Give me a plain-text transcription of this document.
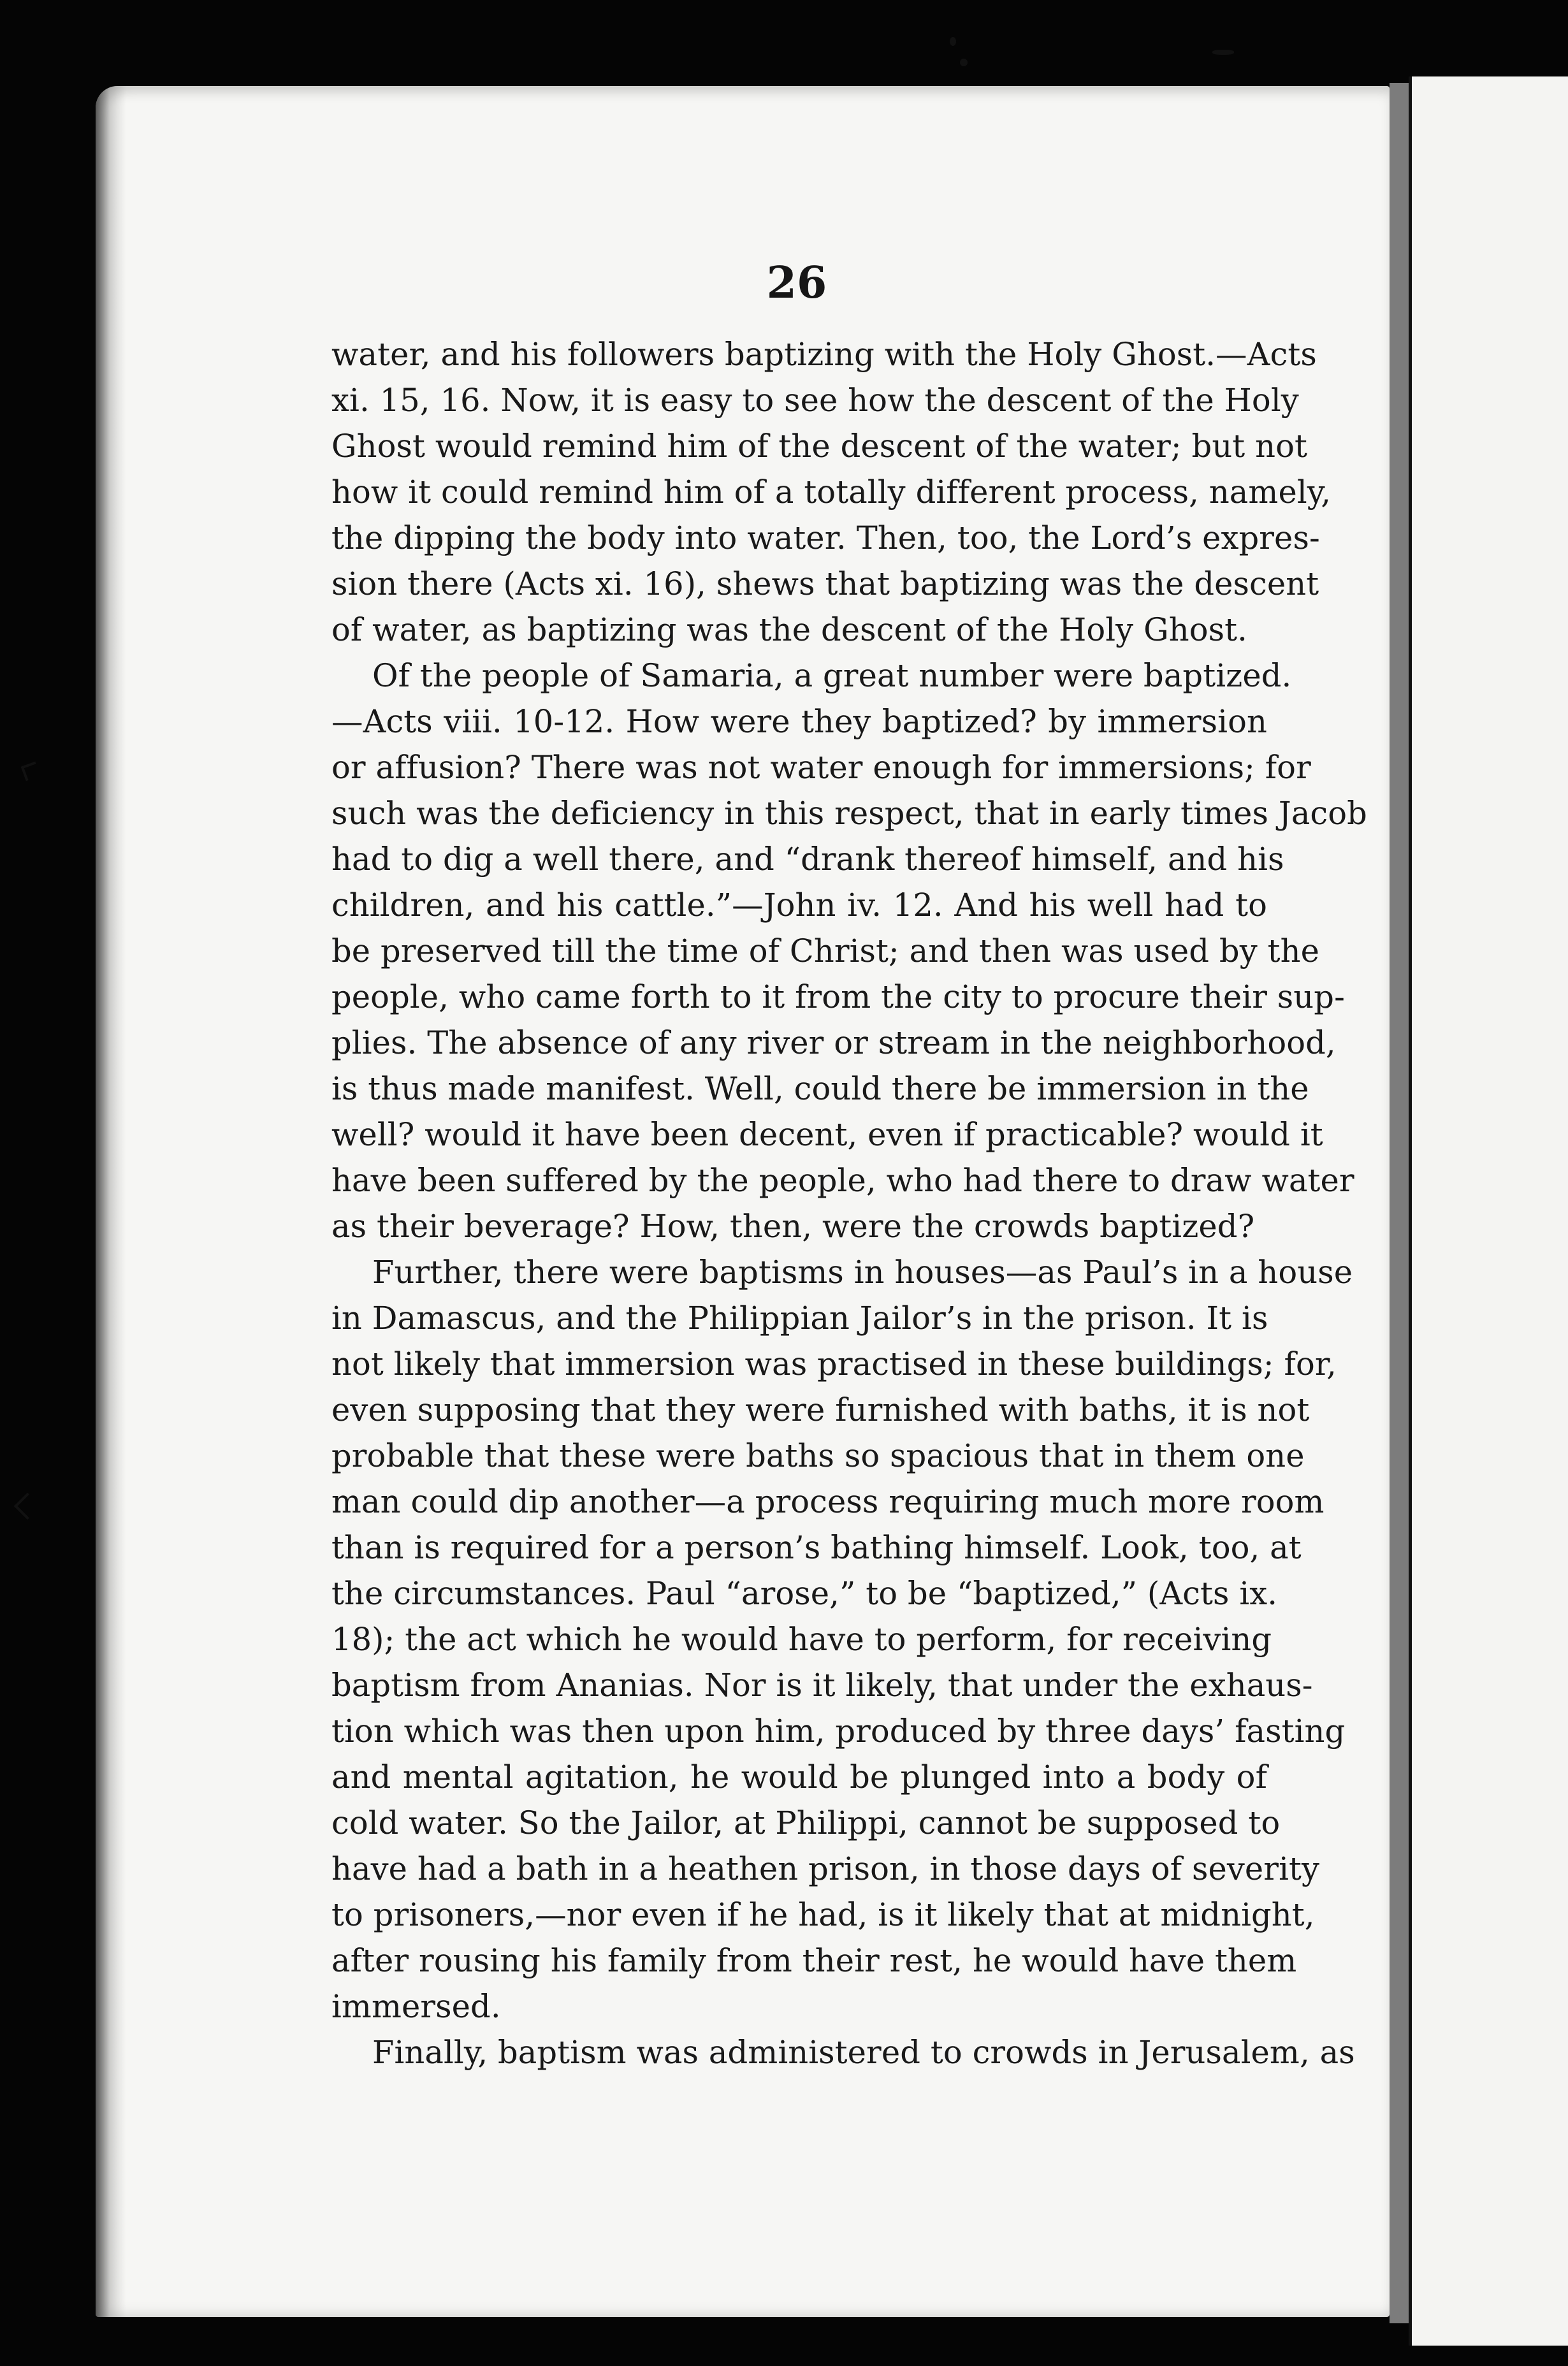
26

water, and his followers baptizing with the Holy Ghost.—Acts
xi. 15, 16. Now, it is easy to see how the descent of the Holy
Ghost would remind him of the descent of the water; but not
how it could remind him of a totally different process, namely,
the dipping the body into water. Then, too, the Lord’s expres-
sion there (Acts xi. 16), shews that baptizing was the descent
of water, as baptizing was the descent of the Holy Ghost.

Of the people of Samaria, a great number were baptized.
—Acts viii. 10-12. How were they baptized? by immersion
or affusion? There was not water enough for immersions; for
such was the deficiency in this respect, that in early times Jacob
had to dig a well there, and “drank thereof himself, and his
children, and his cattle.”—John iv. 12. And his well had to
be preserved till the time of Christ; and then was used by the
people, who came forth to it from the city to procure their sup-
plies. The absence of any river or stream in the neighborhood,
is thus made manifest. Well, could there be immersion in the
well? would it have been decent, even if practicable? would it
have been suffered by the people, who had there to draw water
as their beverage? How, then, were the crowds baptized?

Further, there were baptisms in houses—as Paul’s in a house
in Damascus, and the Philippian Jailor’s in the prison. It is
not likely that immersion was practised in these buildings; for,
even supposing that they were furnished with baths, it is not
probable that these were baths so spacious that in them one
man could dip another—a process requiring much more room
than is required for a person’s bathing himself. Look, too, at
the circumstances. Paul “arose,” to be “baptized,” (Acts ix.
18); the act which he would have to perform, for receiving
baptism from Ananias. Nor is it likely, that under the exhaus-
tion which was then upon him, produced by three days’ fasting
and mental agitation, he would be plunged into a body of
cold water. So the Jailor, at Philippi, cannot be supposed to
have had a bath in a heathen prison, in those days of severity
to prisoners,—nor even if he had, is it likely that at midnight,
after rousing his family from their rest, he would have them
immersed.

Finally, baptism was administered to crowds in Jerusalem, as
